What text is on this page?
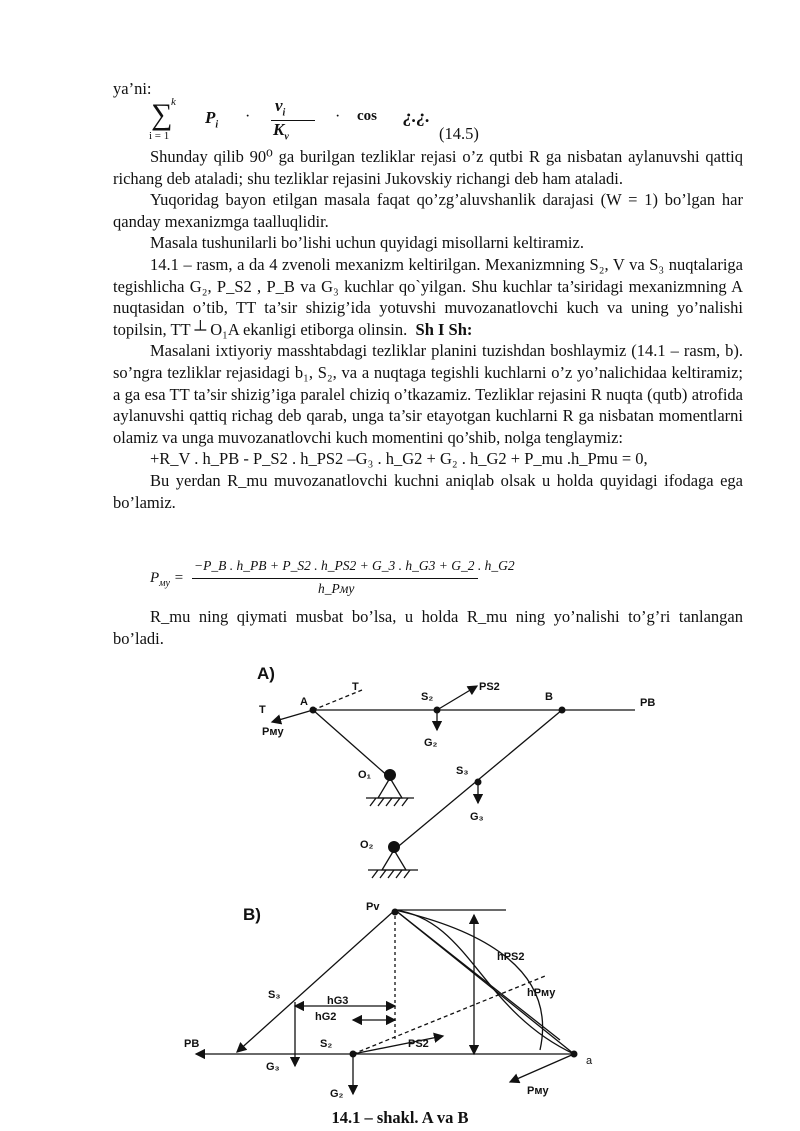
ya’ni:

k
∑
i = 1
$P_i$ ·
$v_i$
$K_v$
· cos ¿.¿.
(14.5)

Shunday qilib 90⁰ ga burilgan tezliklar rejasi o’z qutbi R ga nisbatan aylanuvshi qattiq richang deb ataladi; shu tezliklar rejasini Jukovskiy richangi deb ham ataladi.

Yuqoridag bayon etilgan masala faqat qo’zg’aluvshanlik darajasi (W = 1) bo’lgan har qanday mexanizmga taalluqlidir.

Masala tushunilarli bo’lishi uchun quyidagi misollarni keltiramiz.

14.1 – rasm, a da 4 zvenoli mexanizm keltirilgan. Mexanizmning S₂, V va S₃ nuqtalariga tegishlicha G₂, P_S2 , P_B va G₃ kuchlar qo`yilgan. Shu kuchlar ta’siridagi mexanizmning A nuqtasidan o’tib, TT ta’sir shizig’ida yotuvshi muvozanatlovchi kuch va uning yo’nalishi topilsin, TT ┴ O₁A ekanligi etiborga olinsin. Sh I Sh:

Masalani ixtiyoriy masshtabdagi tezliklar planini tuzishdan boshlaymiz (14.1 – rasm, b). so’ngra tezliklar rejasidagi b₁, S₂, va a nuqtaga tegishli kuchlarni o’z yo’nalichidaa keltiramiz; a ga esa TT ta’sir shizig’iga paralel chiziq o’tkazamiz. Tezliklar rejasini R nuqta (qutb) atrofida aylanuvshi qattiq richag deb qarab, unga ta’sir etayotgan kuchlarni R ga nisbatan momentlarni olamiz va unga muvozanatlovchi kuch momentini qo’shib, nolga tenglaymiz:

+R_V . h_PB - P_S2 . h_PS2 –G₃ . h_G2 + G₂ . h_G2 + P_mu .h_Pmu = 0,

Bu yerdan R_mu muvozanatlovchi kuchni aniqlab olsak u holda quyidagi ifodaga ega bo’lamiz.

$P_{му}$ =
−P_B . h_PB + P_S2 . h_PS2 + G_3 . h_G3 + G_2 . h_G2
h_Pму

R_mu ning qiymati musbat bo’lsa, u holda R_mu ning yo’nalishi to’g’ri tanlangan bo’ladi.

A)
A
T
T
Pмy
S₂
PS2
B	PB
G₂
O₁	S₃
G₃
O₂
B)	Pv
hPS2
hPмy
S₃	hG3
hG2
PB	S₂	PS2
a
G₃
G₂	Pмy
14.1 – shakl. A va B
